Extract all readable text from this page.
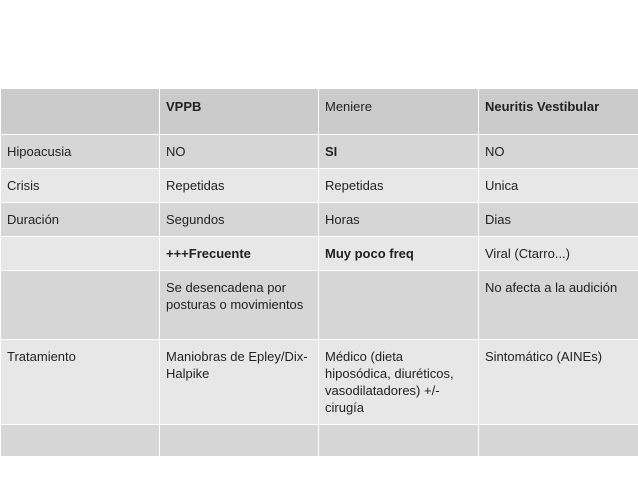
	VPPB	Meniere	Neuritis Vestibular
Hipoacusia	NO	SI	NO
Crisis	Repetidas	Repetidas	Unica
Duración	Segundos	Horas	Dias
	+++Frecuente	Muy poco freq	Viral (Ctarro...)
	Se desencadena por posturas o movimientos		No afecta a la audición
Tratamiento	Maniobras de Epley/Dix-Halpike	Médico (dieta hiposódica, diuréticos, vasodilatadores) +/- cirugía	Sintomático (AINEs)
